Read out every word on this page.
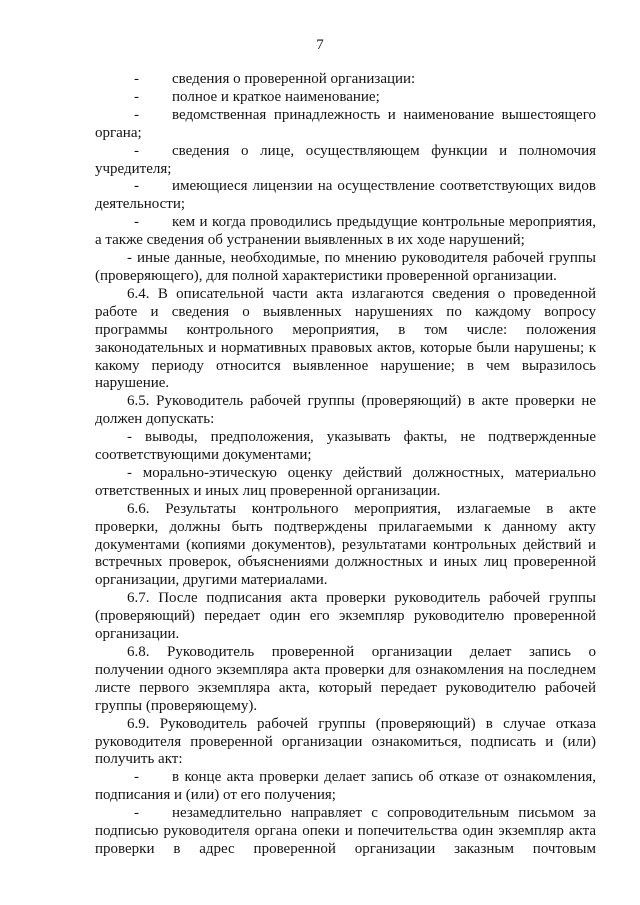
7
-	сведения о проверенной организации:
-	полное и краткое наименование;
-	ведомственная принадлежность и наименование вышестоящего
органа;
-	сведения о лице, осуществляющем функции и полномочия
учредителя;
-	имеющиеся лицензии на осуществление соответствующих видов
деятельности;
-	кем и когда проводились предыдущие контрольные мероприятия,
а также сведения об устранении выявленных в их ходе нарушений;
- иные данные, необходимые, по мнению руководителя рабочей группы
(проверяющего), для полной характеристики проверенной организации.
6.4. В описательной части акта излагаются сведения о проведенной
работе и сведения о выявленных нарушениях по каждому вопросу
программы контрольного мероприятия, в том числе: положения
законодательных и нормативных правовых актов, которые были нарушены; к
какому периоду относится выявленное нарушение; в чем выразилось
нарушение.
6.5. Руководитель рабочей группы (проверяющий) в акте проверки не
должен допускать:
- выводы, предположения, указывать факты, не подтвержденные
соответствующими документами;
- морально-этическую оценку действий должностных, материально
ответственных и иных лиц проверенной организации.
6.6. Результаты контрольного мероприятия, излагаемые в акте
проверки, должны быть подтверждены прилагаемыми к данному акту
документами (копиями документов), результатами контрольных действий и
встречных проверок, объяснениями должностных и иных лиц проверенной
организации, другими материалами.
6.7. После подписания акта проверки руководитель рабочей группы
(проверяющий) передает один его экземпляр руководителю проверенной
организации.
6.8. Руководитель проверенной организации делает запись о
получении одного экземпляра акта проверки для ознакомления на последнем
листе первого экземпляра акта, который передает руководителю рабочей
группы (проверяющему).
6.9. Руководитель рабочей группы (проверяющий) в случае отказа
руководителя проверенной организации ознакомиться, подписать и (или)
получить акт:
-	в конце акта проверки делает запись об отказе от ознакомления,
подписания и (или) от его получения;
-	незамедлительно направляет с сопроводительным письмом за
подписью руководителя органа опеки и попечительства один экземпляр акта
проверки в адрес проверенной организации заказным почтовым
